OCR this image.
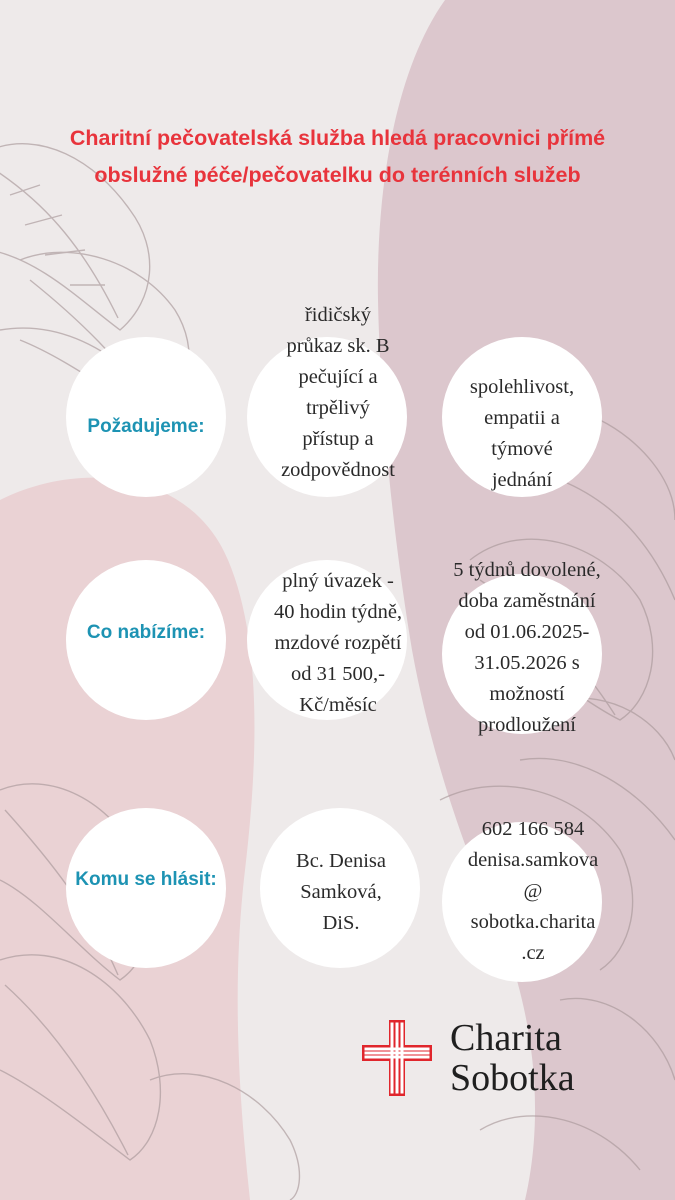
Charitní pečovatelská služba hledá pracovnici přímé obslužné péče/pečovatelku do terénních služeb
Požadujeme:
řidičský
průkaz sk. B
pečující a
trpělivý
přístup a
zodpovědnost
spolehlivost,
empatii a
týmové
jednání
Co nabízíme:
plný úvazek -
40 hodin týdně,
mzdové rozpětí
od 31 500,-
Kč/měsíc
5 týdnů dovolené,
doba zaměstnání
od 01.06.2025-
31.05.2026 s
možností
prodloužení
Komu se hlásit:
Bc. Denisa
Samková,
DiS.
602 166 584
denisa.samkova
@
sobotka.charita
.cz
Charita
Sobotka
